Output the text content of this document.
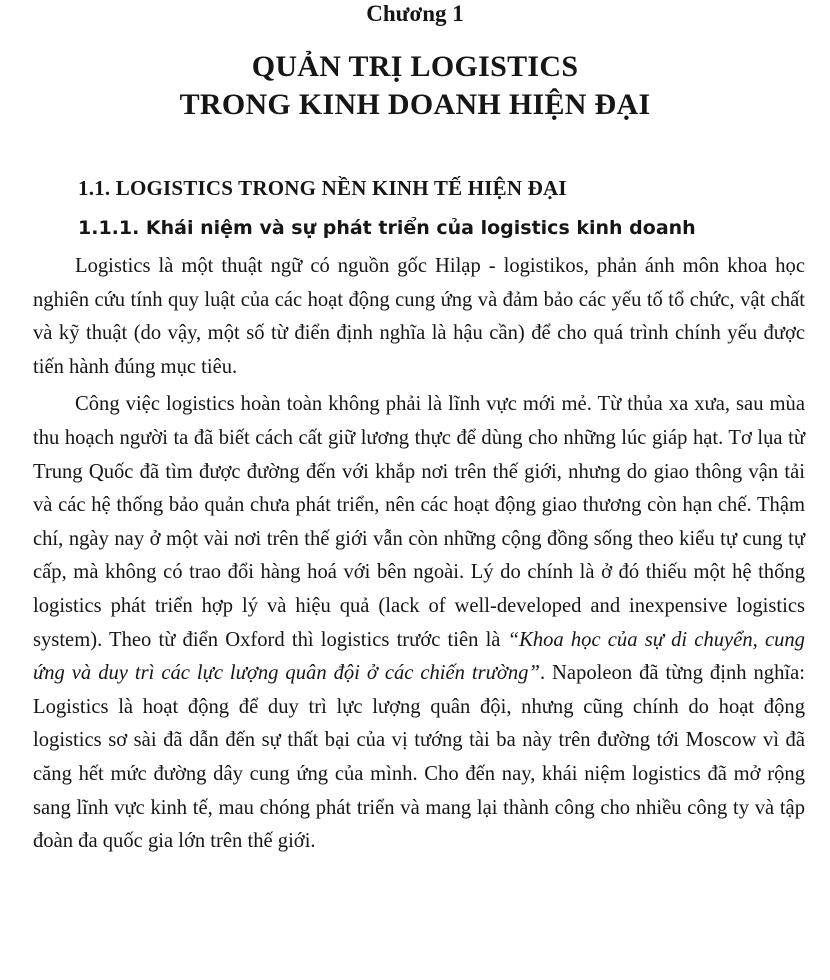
Chương 1
QUẢN TRỊ LOGISTICS
TRONG KINH DOANH HIỆN ĐẠI
1.1. LOGISTICS TRONG NỀN KINH TẾ HIỆN ĐẠI
1.1.1. Khái niệm và sự phát triển của logistics kinh doanh

Logistics là một thuật ngữ có nguồn gốc Hilạp - logistikos, phản ánh môn khoa học nghiên cứu tính quy luật của các hoạt động cung ứng và đảm bảo các yếu tố tổ chức, vật chất và kỹ thuật (do vậy, một số từ điển định nghĩa là hậu cần) để cho quá trình chính yếu được tiến hành đúng mục tiêu.

Công việc logistics hoàn toàn không phải là lĩnh vực mới mẻ. Từ thủa xa xưa, sau mùa thu hoạch người ta đã biết cách cất giữ lương thực để dùng cho những lúc giáp hạt. Tơ lụa từ Trung Quốc đã tìm được đường đến với khắp nơi trên thế giới, nhưng do giao thông vận tải và các hệ thống bảo quản chưa phát triển, nên các hoạt động giao thương còn hạn chế. Thậm chí, ngày nay ở một vài nơi trên thế giới vẫn còn những cộng đồng sống theo kiểu tự cung tự cấp, mà không có trao đổi hàng hoá với bên ngoài. Lý do chính là ở đó thiếu một hệ thống logistics phát triển hợp lý và hiệu quả (lack of well-developed and inexpensive logistics system). Theo từ điển Oxford thì logistics trước tiên là “Khoa học của sự di chuyển, cung ứng và duy trì các lực lượng quân đội ở các chiến trường”. Napoleon đã từng định nghĩa: Logistics là hoạt động để duy trì lực lượng quân đội, nhưng cũng chính do hoạt động logistics sơ sài đã dẫn đến sự thất bại của vị tướng tài ba này trên đường tới Moscow vì đã căng hết mức đường dây cung ứng của mình. Cho đến nay, khái niệm logistics đã mở rộng sang lĩnh vực kinh tế, mau chóng phát triển và mang lại thành công cho nhiều công ty và tập đoàn đa quốc gia lớn trên thế giới.
